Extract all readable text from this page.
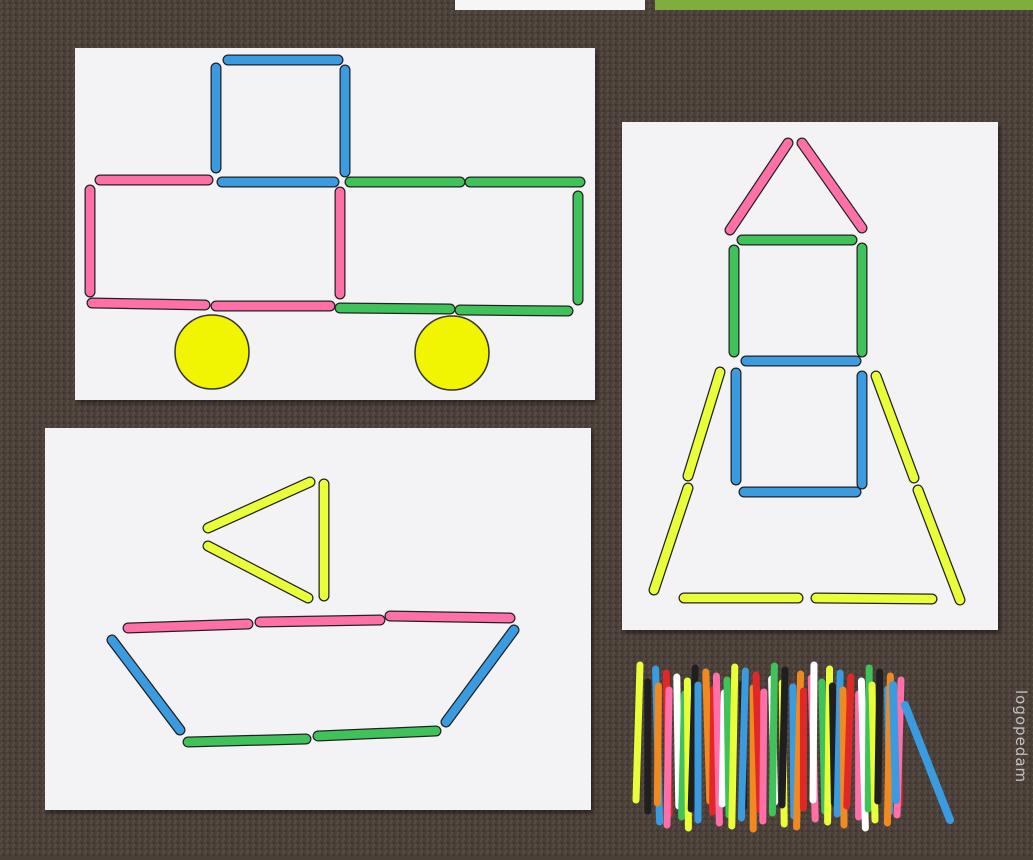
logopedam
